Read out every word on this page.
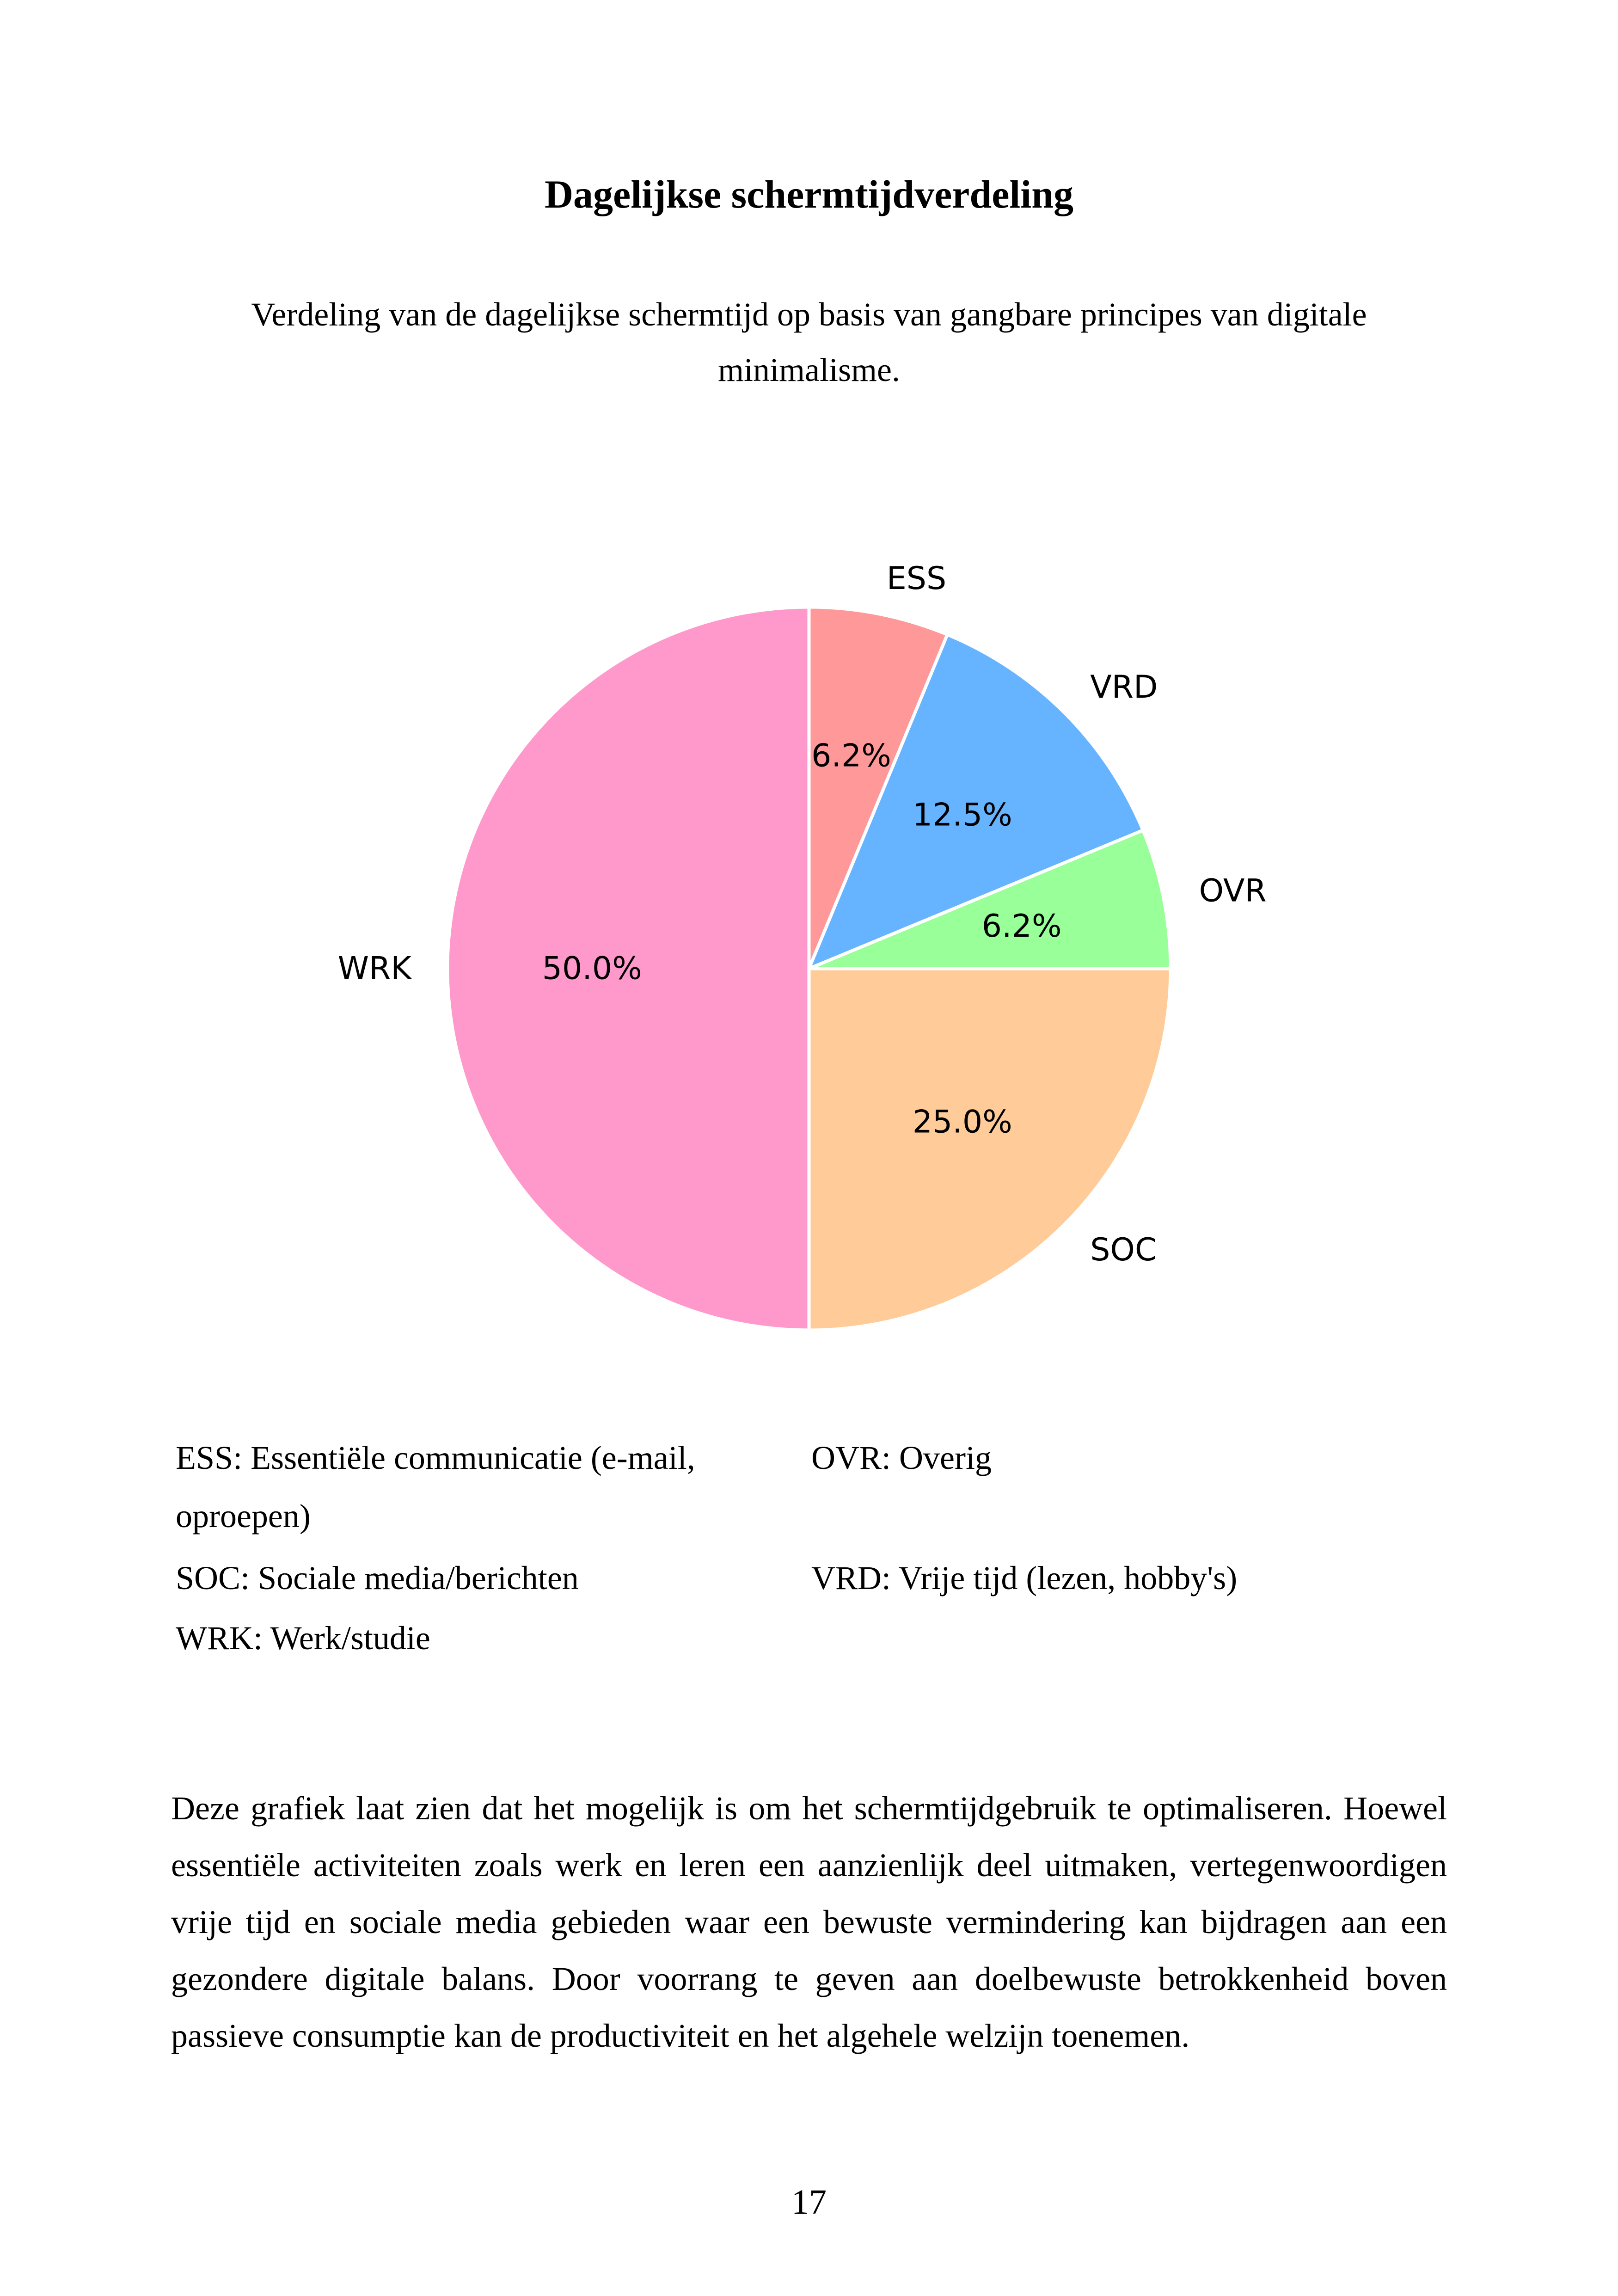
Dagelijkse schermtijdverdeling
Verdeling van de dagelijkse schermtijd op basis van gangbare principes van digitale minimalisme.
6.2%
ESS
12.5%
VRD
6.2%
OVR
25.0%
SOC
50.0%
WRK
ESS: Essentiële communicatie (e-mail, oproepen)
OVR: Overig
SOC: Sociale media/berichten	VRD: Vrije tijd (lezen, hobby's)
WRK: Werk/studie
Deze grafiek laat zien dat het mogelijk is om het schermtijdgebruik te optimaliseren. Hoewel essentiële activiteiten zoals werk en leren een aanzienlijk deel uitmaken, vertegenwoordigen vrije tijd en sociale media gebieden waar een bewuste vermindering kan bijdragen aan een gezondere digitale balans. Door voorrang te geven aan doelbewuste betrokkenheid boven passieve consumptie kan de productiviteit en het algehele welzijn toenemen.
17
